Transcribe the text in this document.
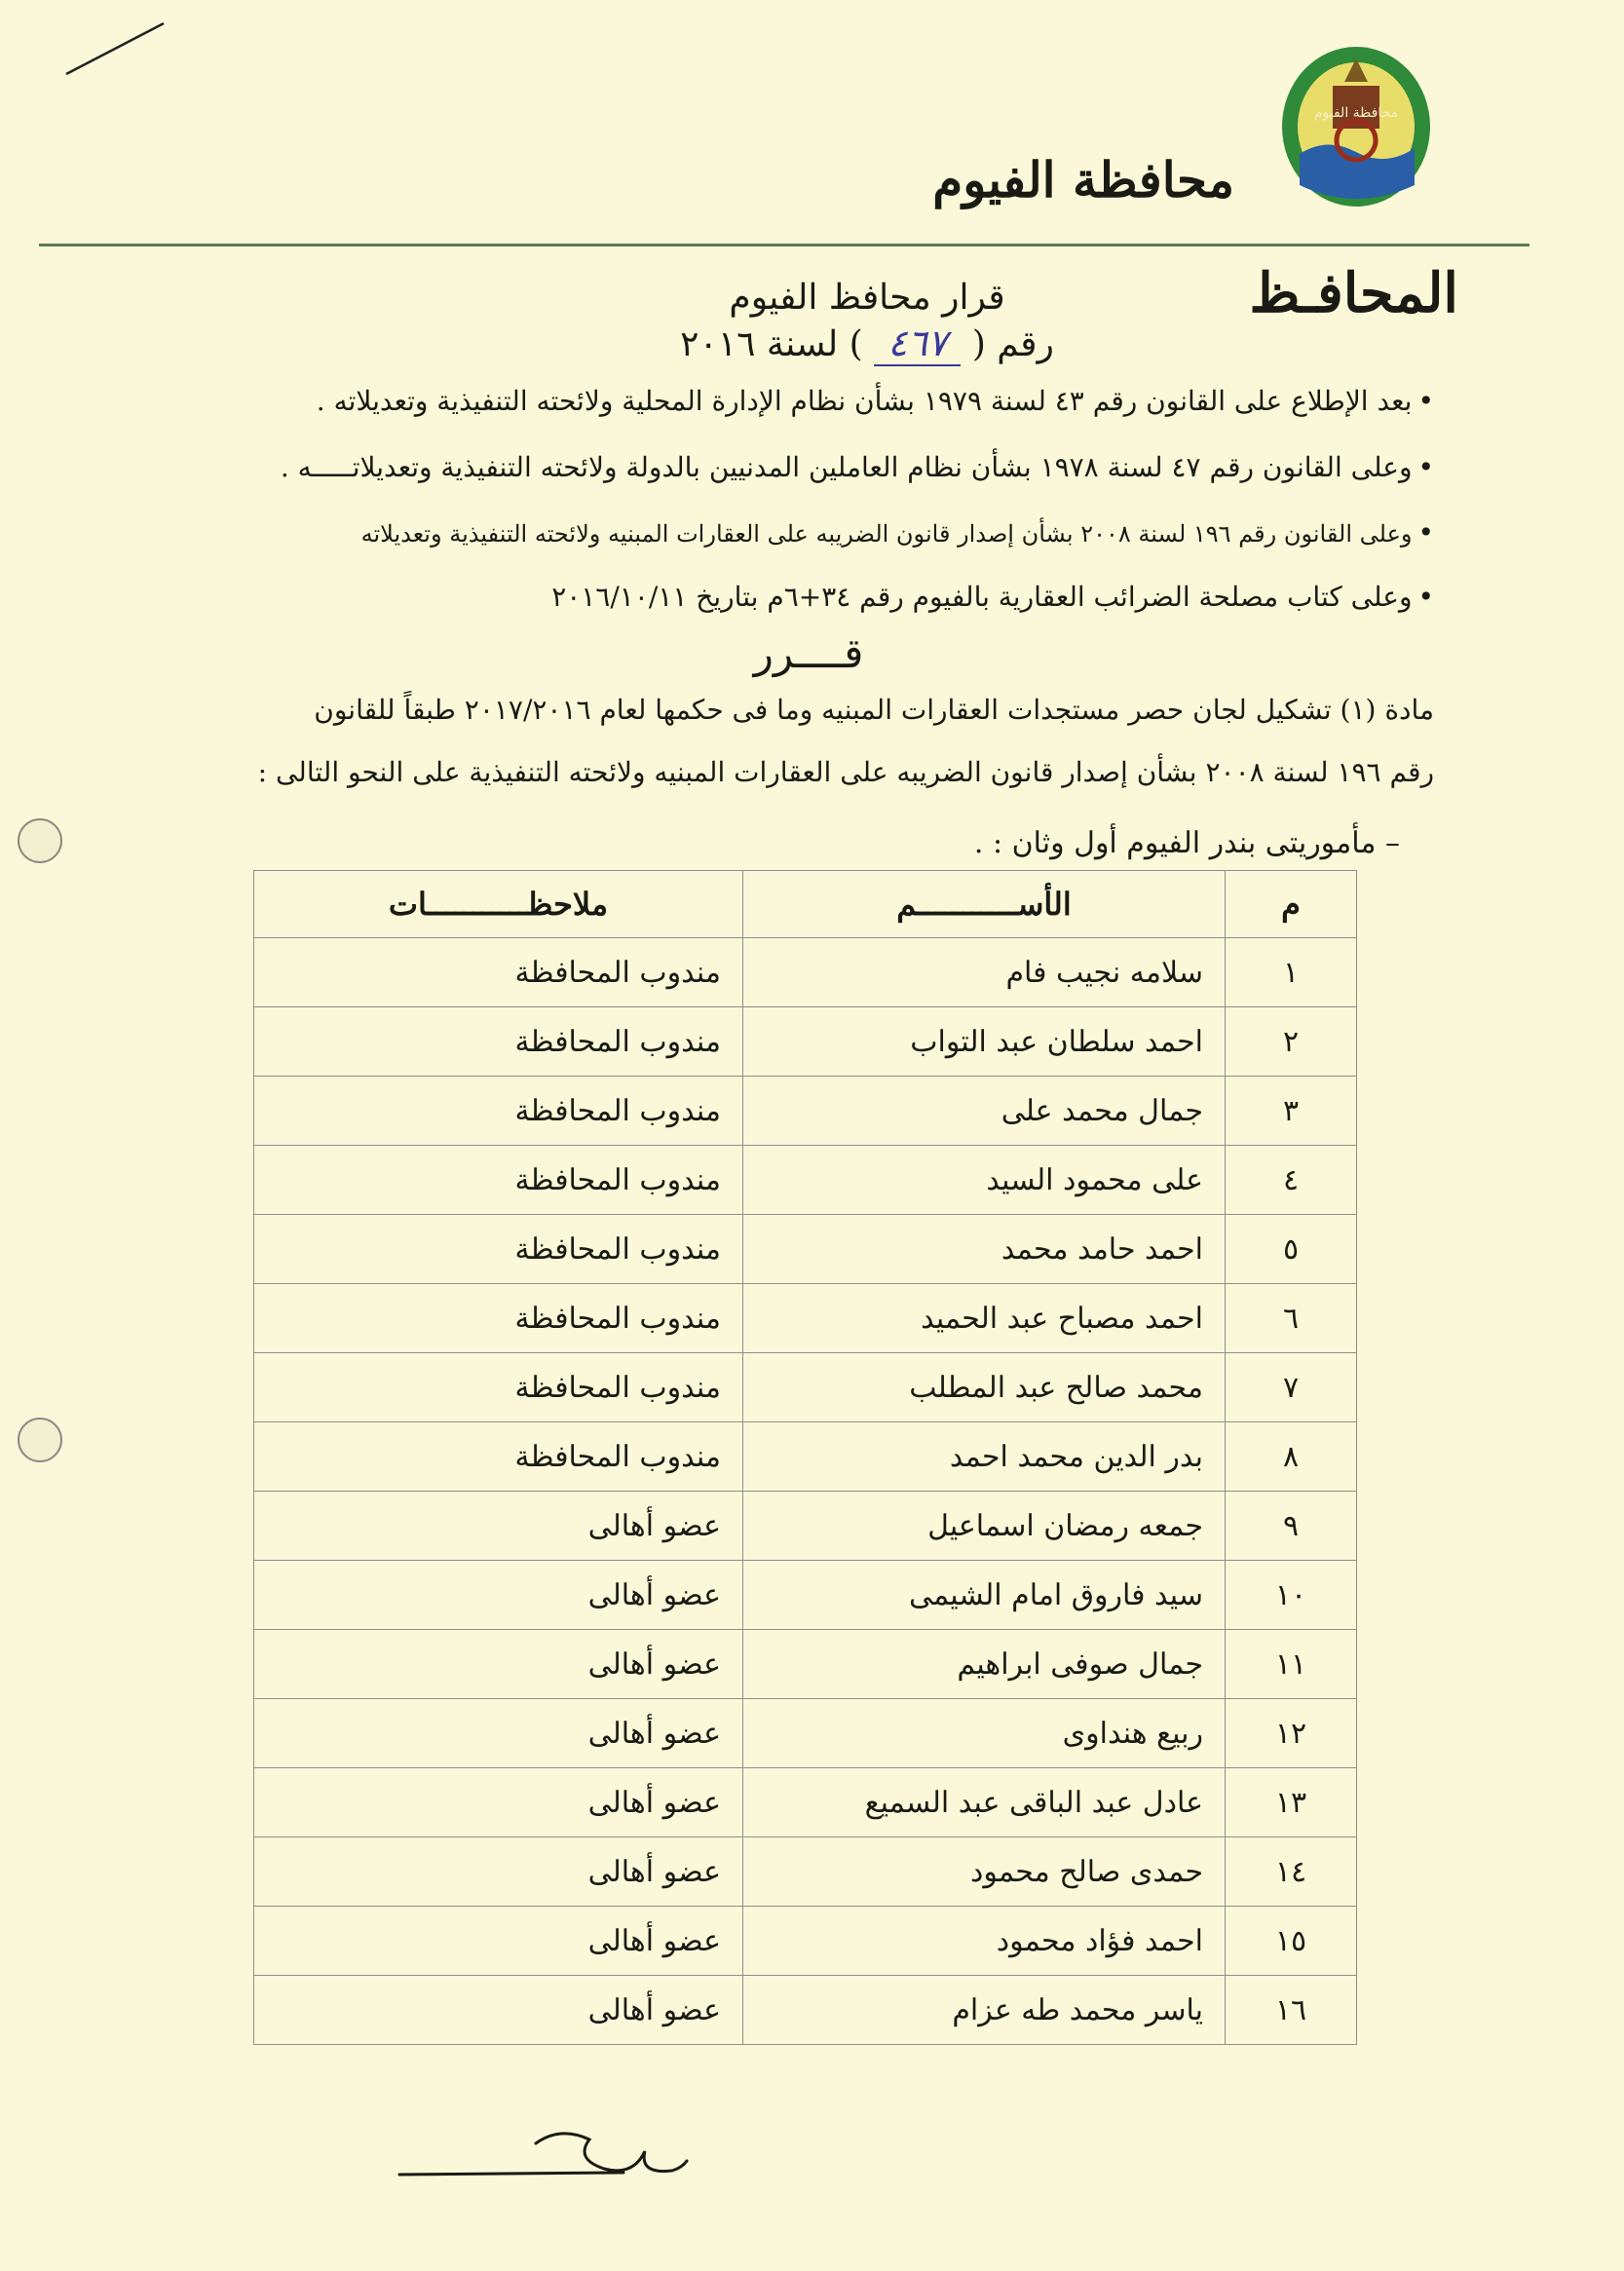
محافظة الفيوم
محافظة الفيوم
المحافـظ
قرار محافظ الفيوم
رقم ( ٤٦٧ ) لسنة ٢٠١٦
•بعد الإطلاع على القانون رقم ٤٣ لسنة ١٩٧٩ بشأن نظام الإدارة المحلية ولائحته التنفيذية وتعديلاته .
•وعلى القانون رقم ٤٧ لسنة ١٩٧٨ بشأن نظام العاملين المدنيين بالدولة ولائحته التنفيذية وتعديلاتـــــه .
•وعلى القانون رقم ١٩٦ لسنة ٢٠٠٨ بشأن إصدار قانون الضريبه على العقارات المبنيه ولائحته التنفيذية وتعديلاته
•وعلى كتاب مصلحة الضرائب العقارية بالفيوم رقم ٣٤+٦م بتاريخ ٢٠١٦/١٠/١١
قــــرر
مادة (١) تشكيل لجان حصر مستجدات العقارات المبنيه وما فى حكمها لعام ٢٠١٧/٢٠١٦ طبقاً للقانون
رقم ١٩٦ لسنة ٢٠٠٨ بشأن إصدار قانون الضريبه على العقارات المبنيه ولائحته التنفيذية على النحو التالى :
– مأموريتى بندر الفيوم أول وثان : .
م	الأســـــــــــم	ملاحظـــــــــــات
١	سلامه نجيب فام	مندوب المحافظة
٢	احمد سلطان عبد التواب	مندوب المحافظة
٣	جمال محمد على	مندوب المحافظة
٤	على محمود السيد	مندوب المحافظة
٥	احمد حامد محمد	مندوب المحافظة
٦	احمد مصباح عبد الحميد	مندوب المحافظة
٧	محمد صالح عبد المطلب	مندوب المحافظة
٨	بدر الدين محمد احمد	مندوب المحافظة
٩	جمعه رمضان اسماعيل	عضو أهالى
١٠	سيد فاروق امام الشيمى	عضو أهالى
١١	جمال صوفى ابراهيم	عضو أهالى
١٢	ربيع هنداوى	عضو أهالى
١٣	عادل عبد الباقى عبد السميع	عضو أهالى
١٤	حمدى صالح محمود	عضو أهالى
١٥	احمد فؤاد محمود	عضو أهالى
١٦	ياسر محمد طه عزام	عضو أهالى
